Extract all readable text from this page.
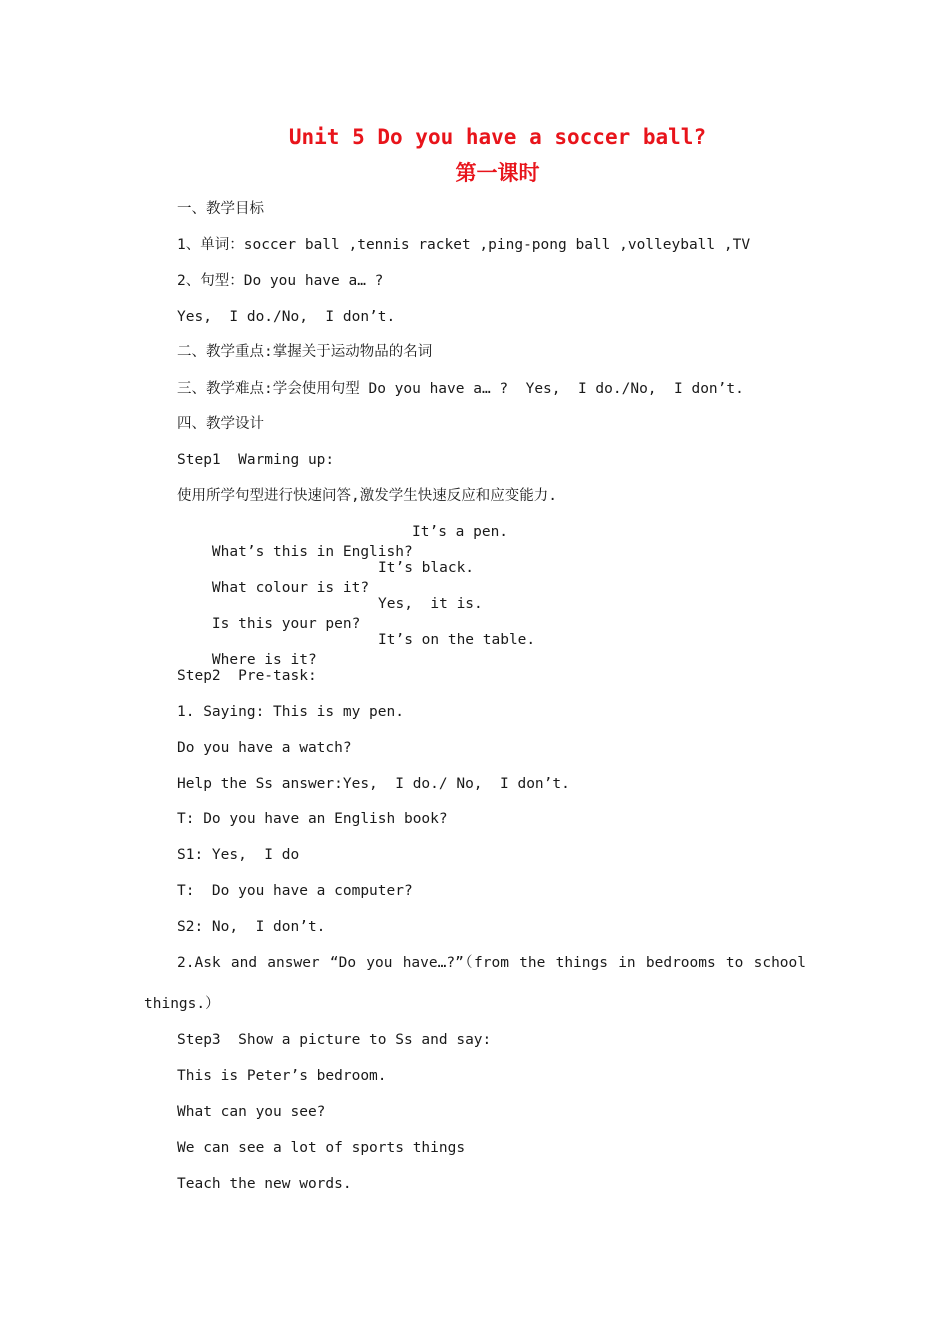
Unit 5 Do you have a soccer ball?
第一课时
一、教学目标
1、单词：soccer ball ,tennis racket ,ping-pong ball ,volleyball ,TV
2、句型：Do you have a… ?
Yes,  I do./No,  I don’t.
二、教学重点:掌握关于运动物品的名词
三、教学难点:学会使用句型 Do you have a… ?  Yes,  I do./No,  I don’t.
四、教学设计
Step1  Warming up:
使用所学句型进行快速问答,激发学生快速反应和应变能力.

What’s this in English?

It’s a pen.

What colour is it?

It’s black.

Is this your pen?

Yes,  it is.

Where is it?

It’s on the table.

Step2  Pre-task:
1. Saying: This is my pen.
Do you have a watch?
Help the Ss answer:Yes,  I do./ No,  I don’t.
T: Do you have an English book?
S1: Yes,  I do
T:  Do you have a computer?
S2: No,  I don’t.
2.Ask and answer “Do you have…?”（from the things in bedrooms to school
things.）
Step3  Show a picture to Ss and say:
This is Peter’s bedroom.
What can you see?
We can see a lot of sports things
Teach the new words.
